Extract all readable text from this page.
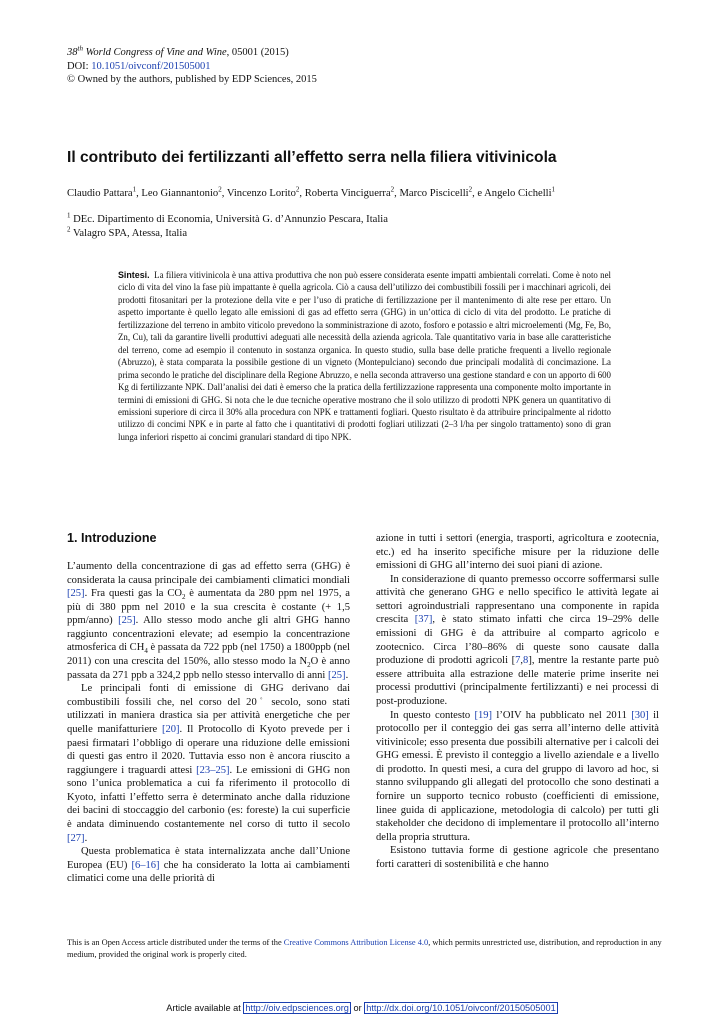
38th World Congress of Vine and Wine, 05001 (2015)
DOI: 10.1051/oivconf/201505001
© Owned by the authors, published by EDP Sciences, 2015
Il contributo dei fertilizzanti all’effetto serra nella filiera vitivinicola
Claudio Pattara$^1$, Leo Giannantonio$^2$, Vincenzo Lorito$^2$, Roberta Vinciguerra$^2$, Marco Piscicelli$^2$, e Angelo Cichelli$^1$
$^1$ DEc. Dipartimento di Economia, Università G. d’Annunzio Pescara, Italia
$^2$ Valagro SPA, Atessa, Italia
Sintesi. La filiera vitivinicola è una attiva produttiva che non può essere considerata esente impatti ambientali correlati. Come è noto nel ciclo di vita del vino la fase più impattante è quella agricola. Ciò a causa dell’utilizzo dei combustibili fossili per i macchinari agricoli, dei prodotti fitosanitari per la protezione della vite e per l’uso di pratiche di fertilizzazione per il mantenimento di alte rese per ettaro. Un aspetto importante è quello legato alle emissioni di gas ad effetto serra (GHG) in un’ottica di ciclo di vita del prodotto. Le pratiche di fertilizzazione del terreno in ambito viticolo prevedono la somministrazione di azoto, fosforo e potassio e altri microelementi (Mg, Fe, Bo, Zn, Cu), tali da garantire livelli produttivi adeguati alle necessità della azienda agricola. Tale quantitativo varia in base alle caratteristiche del terreno, come ad esempio il contenuto in sostanza organica. In questo studio, sulla base delle pratiche frequenti a livello regionale (Abruzzo), è stata comparata la possibile gestione di un vigneto (Montepulciano) secondo due principali modalità di concimazione. La prima secondo le pratiche del disciplinare della Regione Abruzzo, e nella seconda attraverso una gestione standard e con un apporto di 600 Kg di fertilizzante NPK. Dall’analisi dei dati è emerso che la pratica della fertilizzazione rappresenta una componente molto importante in termini di emissioni di GHG. Si nota che le due tecniche operative mostrano che il solo utilizzo di prodotti NPK genera un quantitativo di emissioni superiore di circa il 30% alla procedura con NPK e trattamenti fogliari. Questo risultato è da attribuire principalmente al ridotto utilizzo di concimi NPK e in parte al fatto che i quantitativi di prodotti fogliari utilizzati (2–3 l/ha per singolo trattamento) sono di gran lunga inferiori rispetto ai concimi granulari standard di tipo NPK.
1. Introduzione

L’aumento della concentrazione di gas ad effetto serra (GHG) è considerata la causa principale dei cambiamenti climatici mondiali [25]. Fra questi gas la $CO_2$ è aumentata da 280 ppm nel 1975, a più di 380 ppm nel 2010 e la sua crescita è costante (+ 1,5 ppm/anno) [25]. Allo stesso modo anche gli altri GHG hanno raggiunto concentrazioni elevate; ad esempio la concentrazione atmosferica di $CH_4$ è passata da 722 ppb (nel 1750) a 1800ppb (nel 2011) con una crescita del 150%, allo stesso modo la $N_2O$ è anno passata da 271 ppb a 324,2 ppb nello stesso intervallo di anni [25].

Le principali fonti di emissione di GHG derivano dai combustibili fossili che, nel corso del 20◦ secolo, sono stati utilizzati in maniera drastica sia per attività energetiche che per quelle manifatturiere [20]. Il Protocollo di Kyoto prevede per i paesi firmatari l’obbligo di operare una riduzione delle emissioni di questi gas entro il 2020. Tuttavia esso non è ancora riuscito a raggiungere i traguardi attesi [23–25]. Le emissioni di GHG non sono l’unica problematica a cui fa riferimento il protocollo di Kyoto, infatti l’effetto serra è determinato anche dalla riduzione dei bacini di stoccaggio del carbonio (es: foreste) la cui superficie è andata diminuendo costantemente nel corso di tutto il secolo [27].

Questa problematica è stata internalizzata anche dall’Unione Europea (EU) [6–16] che ha considerato la lotta ai cambiamenti climatici come una delle priorità di

azione in tutti i settori (energia, trasporti, agricoltura e zootecnia, etc.) ed ha inserito specifiche misure per la riduzione delle emissioni di GHG all’interno dei suoi piani di azione.

In considerazione di quanto premesso occorre soffermarsi sulle attività che generano GHG e nello specifico le attività legate ai settori agroindustriali rappresentano una componente in rapida crescita [37], è stato stimato infatti che circa 19–29% delle emissioni di GHG è da attribuire al comparto agricolo e zootecnico. Circa l’80–86% di queste sono causate dalla produzione di prodotti agricoli [7,8], mentre la restante parte può essere attribuita alla estrazione delle materie prime inserite nei processi produttivi (principalmente fertilizzanti) e nei processi di post-produzione.

In questo contesto [19] l’OIV ha pubblicato nel 2011 [30] il protocollo per il conteggio dei gas serra all’interno delle attività vitivinicole; esso presenta due possibili alternative per i calcoli dei GHG emessi. È previsto il conteggio a livello aziendale e a livello di prodotto. In questi mesi, a cura del gruppo di lavoro ad hoc, si stanno sviluppando gli allegati del protocollo che sono destinati a fornire un supporto tecnico robusto (coefficienti di emissione, linee guida di applicazione, metodologia di calcolo) per tutti gli stakeholder che decidono di implementare il protocollo all’interno della propria struttura.

Esistono tuttavia forme di gestione agricole che presentano forti caratteri di sostenibilità e che hanno

This is an Open Access article distributed under the terms of the Creative Commons Attribution License 4.0, which permits unrestricted use, distribution, and reproduction in any medium, provided the original work is properly cited.
Article available at http://oiv.edpsciences.org or http://dx.doi.org/10.1051/oivconf/20150505001
